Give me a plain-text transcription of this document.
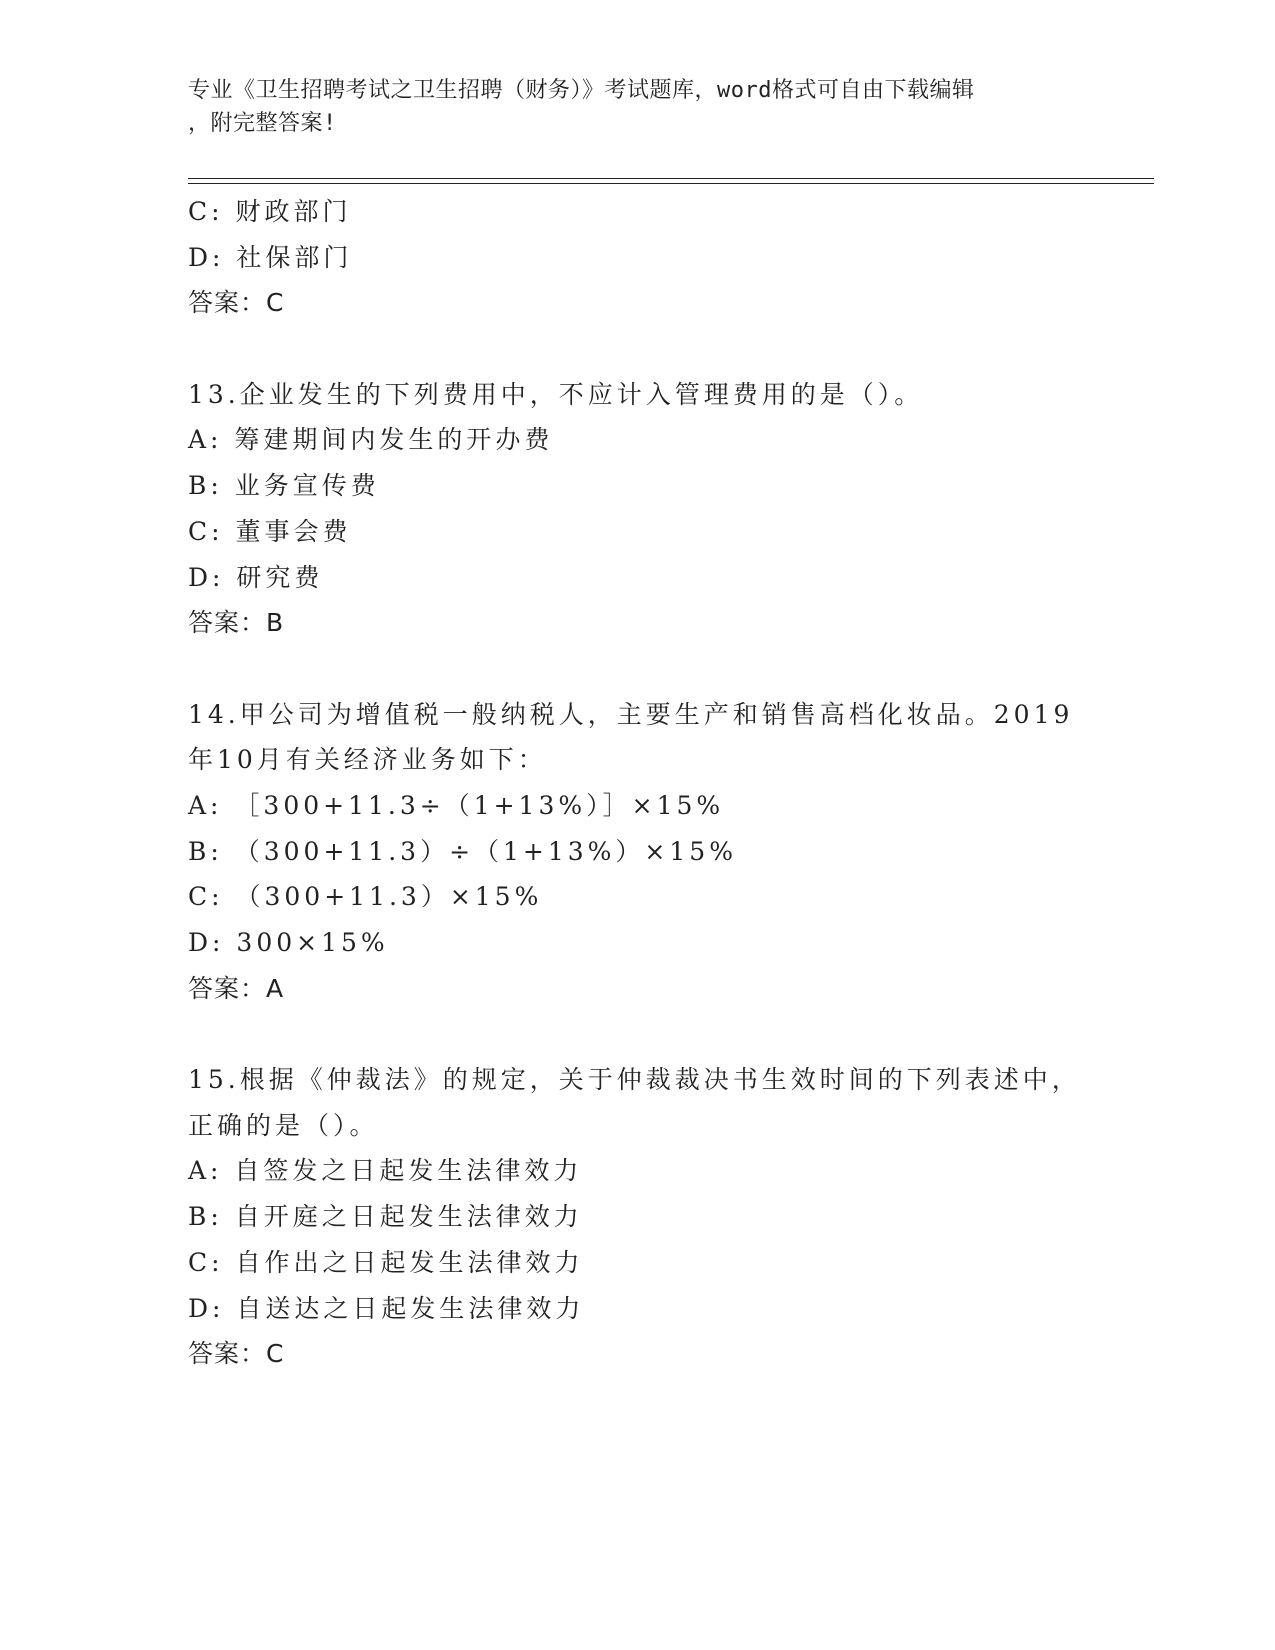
专业《卫生招聘考试之卫生招聘（财务）》考试题库，word格式可自由下载编辑
，附完整答案!
C: 财政部门
D: 社保部门
答案：C
13.企业发生的下列费用中，不应计入管理费用的是（）。
A: 筹建期间内发生的开办费
B: 业务宣传费
C: 董事会费
D: 研究费
答案：B
14.甲公司为增值税一般纳税人，主要生产和销售高档化妆品。2019
年10月有关经济业务如下：
A: ［300+11.3÷（1+13%）］×15%
B: （300+11.3）÷（1+13%）×15%
C: （300+11.3）×15%
D: 300×15%
答案：A
15.根据《仲裁法》的规定，关于仲裁裁决书生效时间的下列表述中，
正确的是（）。
A: 自签发之日起发生法律效力
B: 自开庭之日起发生法律效力
C: 自作出之日起发生法律效力
D: 自送达之日起发生法律效力
答案：C
